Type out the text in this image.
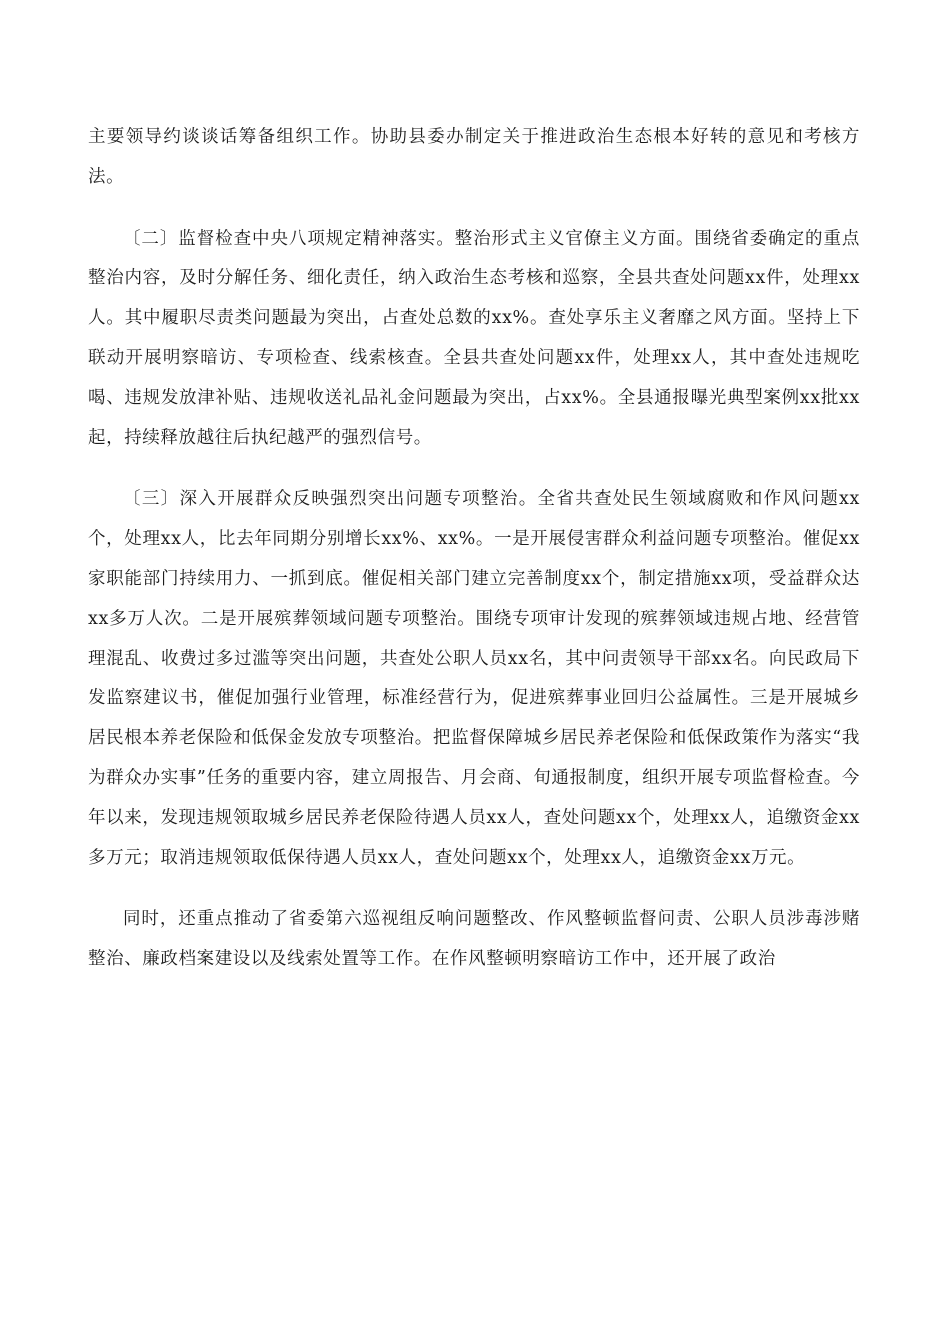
主要领导约谈谈话筹备组织工作。协助县委办制定关于推进政治生态根本好转的意见和考核方法。

〔二〕监督检查中央八项规定精神落实。整治形式主义官僚主义方面。围绕省委确定的重点整治内容，及时分解任务、细化责任，纳入政治生态考核和巡察，全县共查处问题xx件，处理xx人。其中履职尽责类问题最为突出，占查处总数的xx%。查处享乐主义奢靡之风方面。坚持上下联动开展明察暗访、专项检查、线索核查。全县共查处问题xx件，处理xx人，其中查处违规吃喝、违规发放津补贴、违规收送礼品礼金问题最为突出，占xx%。全县通报曝光典型案例xx批xx起，持续释放越往后执纪越严的强烈信号。

〔三〕深入开展群众反映强烈突出问题专项整治。全省共查处民生领域腐败和作风问题xx个，处理xx人，比去年同期分别增长xx%、xx%。一是开展侵害群众利益问题专项整治。催促xx家职能部门持续用力、一抓到底。催促相关部门建立完善制度xx个，制定措施xx项，受益群众达xx多万人次。二是开展殡葬领域问题专项整治。围绕专项审计发现的殡葬领域违规占地、经营管理混乱、收费过多过滥等突出问题，共查处公职人员xx名，其中问责领导干部xx名。向民政局下发监察建议书，催促加强行业管理，标准经营行为，促进殡葬事业回归公益属性。三是开展城乡居民根本养老保险和低保金发放专项整治。把监督保障城乡居民养老保险和低保政策作为落实“我为群众办实事”任务的重要内容，建立周报告、月会商、旬通报制度，组织开展专项监督检查。今年以来，发现违规领取城乡居民养老保险待遇人员xx人，查处问题xx个，处理xx人，追缴资金xx多万元；取消违规领取低保待遇人员xx人，查处问题xx个，处理xx人，追缴资金xx万元。

同时，还重点推动了省委第六巡视组反响问题整改、作风整顿监督问责、公职人员涉毒涉赌整治、廉政档案建设以及线索处置等工作。在作风整顿明察暗访工作中，还开展了政治
